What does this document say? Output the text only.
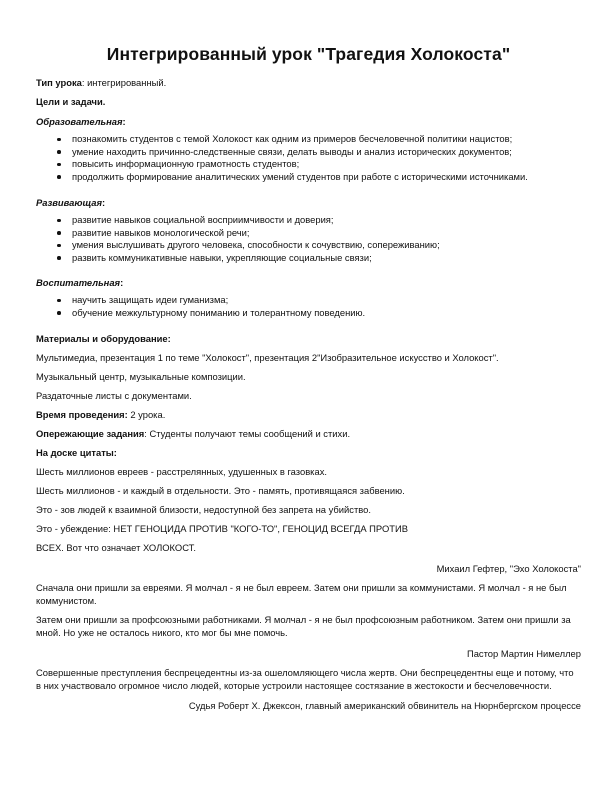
Интегрированный урок "Трагедия Холокоста"

Тип урока: интегрированный.

Цели и задачи.

Образовательная:

познакомить студентов с темой Холокост как одним из примеров бесчеловечной политики нацистов;
умение находить причинно-следственные связи, делать выводы и анализ исторических документов;
повысить информационную грамотность студентов;
продолжить формирование аналитических умений студентов при работе с историческими источниками.

Развивающая:

развитие навыков социальной восприимчивости и доверия;
развитие навыков монологической речи;
умения выслушивать другого человека, способности к сочувствию, сопереживанию;
развить коммуникативные навыки, укрепляющие социальные связи;

Воспитательная:

научить защищать идеи гуманизма;
обучение межкультурному пониманию и толерантному поведению.

Материалы и оборудование:

Мультимедиа, презентация 1 по теме "Холокост", презентация 2"Изобразительное искусство и Холокост".

Музыкальный центр, музыкальные композиции.

Раздаточные листы с документами.

Время проведения: 2 урока.

Опережающие задания: Студенты получают темы сообщений и стихи.

На доске цитаты:

Шесть миллионов евреев - расстрелянных, удушенных в газовках.

Шесть миллионов - и каждый в отдельности. Это - память, противящаяся забвению.

Это - зов людей к взаимной близости, недоступной без запрета на убийство.

Это - убеждение: НЕТ ГЕНОЦИДА ПРОТИВ "КОГО-ТО", ГЕНОЦИД ВСЕГДА ПРОТИВ

ВСЕХ. Вот что означает ХОЛОКОСТ.

Михаил Гефтер, "Эхо Холокоста"

Сначала они пришли за евреями. Я молчал - я не был евреем. Затем они пришли за коммунистами. Я молчал - я не был коммунистом.

Затем они пришли за профсоюзными работниками. Я молчал - я не был профсоюзным работником. Затем они пришли за мной. Но уже не осталось никого, кто мог бы мне помочь.

Пастор Мартин Нимеллер

Совершенные преступления беспрецедентны из-за ошеломляющего числа жертв. Они беспрецедентны еще и потому, что в них участвовало огромное число людей, которые устроили настоящее состязание в жестокости и бесчеловечности.

Судья Роберт Х. Джексон, главный американский обвинитель на Нюрнбергском процессе
